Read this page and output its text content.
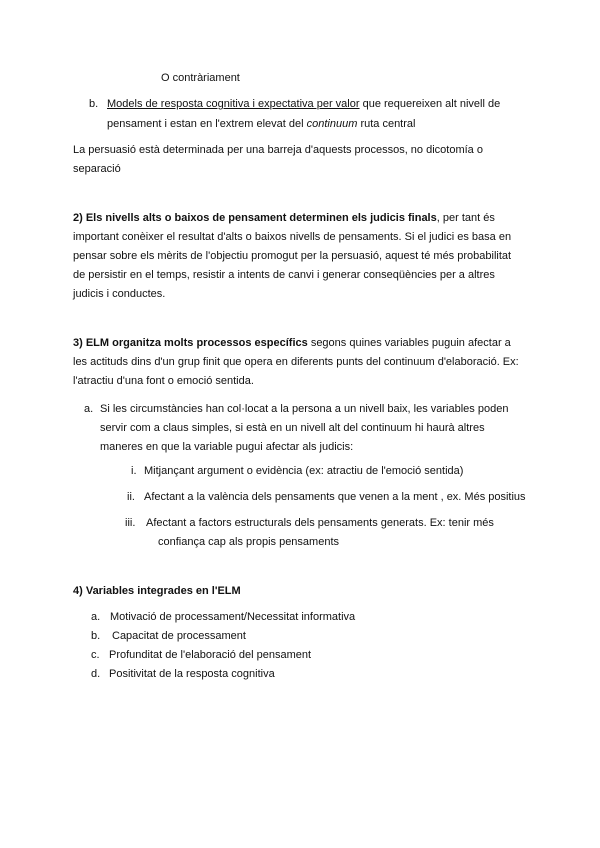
O contràriament
b. Models de resposta cognitiva i expectativa per valor que requereixen alt nivell de
pensament i estan en l'extrem elevat del continuum ruta central
La persuasió està determinada per una barreja d'aquests processos, no dicotomía o
separació
2) Els nivells alts o baixos de pensament determinen els judicis finals, per tant és
important conèixer el resultat d'alts o baixos nivells de pensaments. Si el judici es basa en
pensar sobre els mèrits de l'objectiu promogut per la persuasió, aquest té més probabilitat
de persistir en el temps, resistir a intents de canvi i generar conseqüències per a altres
judicis i conductes.
3) ELM organitza molts processos específics segons quines variables puguin afectar a
les actituds dins d'un grup finit que opera en diferents punts del continuum d'elaboració. Ex:
l'atractiu d'una font o emoció sentida.
a. Si les circumstàncies han col·locat a la persona a un nivell baix, les variables poden
servir com a claus simples, si està en un nivell alt del continuum hi haurà altres
maneres en que la variable pugui afectar als judicis:
i. Mitjançant argument o evidència (ex: atractiu de l'emoció sentida)
ii. Afectant a la valència dels pensaments que venen a la ment , ex. Més positius
iii. Afectant a factors estructurals dels pensaments generats. Ex: tenir més
confiança cap als propis pensaments
4) Variables integrades en l'ELM
a. Motivació de processament/Necessitat informativa
b. Capacitat de processament
c. Profunditat de l'elaboració del pensament
d. Positivitat de la resposta cognitiva
